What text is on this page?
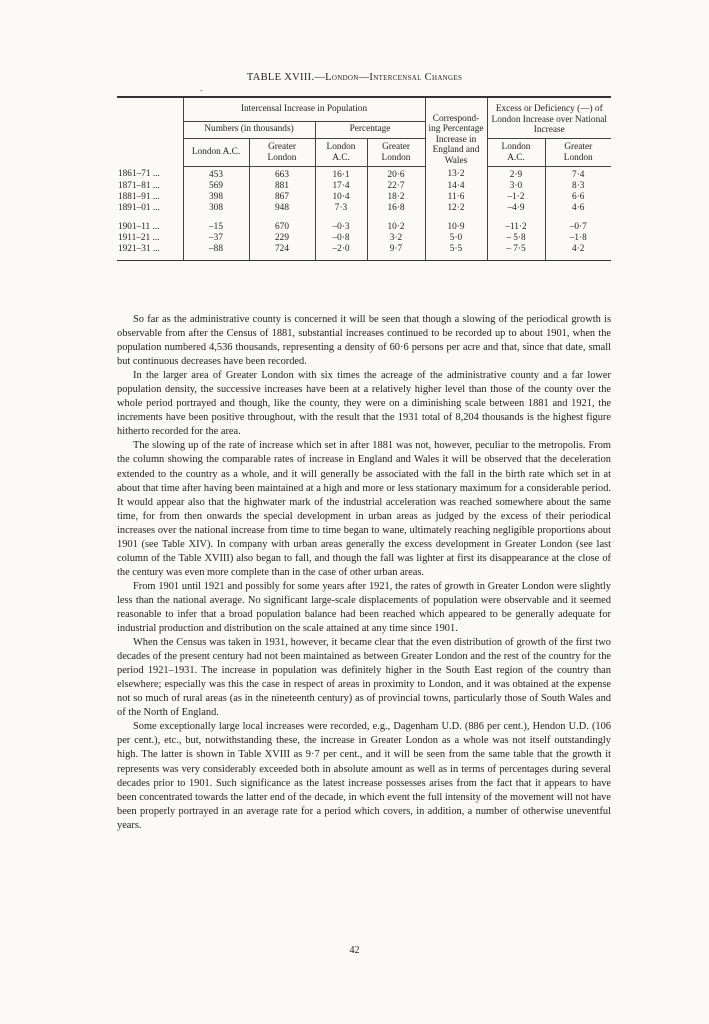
-
TABLE XVIII.—London—Intercensal Changes
	Intercensal Increase in Population				Correspond- ing Percentage Increase in England and Wales	Excess or Deficiency (—) of London Increase over National Increase	
	Numbers (in thousands)		Percentage				
	London A.C.	Greater London	London A.C.	Greater London		London A.C.	Greater London
1861–71 ...	453	663	16·1	20·6	13·2	2·9	7·4
1871–81 ...	569	881	17·4	22·7	14·4	3·0	8·3
1881–91 ...	398	867	10·4	18·2	11·6	–1·2	6·6
1891–01 ...	308	948	7·3	16·8	12·2	–4·9	4·6

1901–11 ...	–15	670	–0·3	10·2	10·9	–11·2	–0·7
1911–21 ...	–37	229	–0·8	3·2	5·0	– 5·8	–1·8
1921–31 ...	–88	724	–2·0	9·7	5·5	– 7·5	4·2

So far as the administrative county is concerned it will be seen that though a slowing of the periodical growth is observable from after the Census of 1881, substantial increases continued to be recorded up to about 1901, when the population numbered 4,536 thousands, representing a density of 60·6 persons per acre and that, since that date, small but continuous decreases have been recorded.

In the larger area of Greater London with six times the acreage of the administrative county and a far lower population density, the successive increases have been at a relatively higher level than those of the county over the whole period portrayed and though, like the county, they were on a diminishing scale between 1881 and 1921, the increments have been positive throughout, with the result that the 1931 total of 8,204 thousands is the highest figure hitherto recorded for the area.

The slowing up of the rate of increase which set in after 1881 was not, however, peculiar to the metropolis. From the column showing the comparable rates of increase in England and Wales it will be observed that the deceleration extended to the country as a whole, and it will generally be associated with the fall in the birth rate which set in at about that time after having been maintained at a high and more or less stationary maximum for a considerable period. It would appear also that the highwater mark of the industrial acceleration was reached somewhere about the same time, for from then onwards the special development in urban areas as judged by the excess of their periodical increases over the national increase from time to time began to wane, ultimately reaching negligible proportions about 1901 (see Table XIV). In company with urban areas generally the excess development in Greater London (see last column of the Table XVIII) also began to fall, and though the fall was lighter at first its disappearance at the close of the century was even more complete than in the case of other urban areas.

From 1901 until 1921 and possibly for some years after 1921, the rates of growth in Greater London were slightly less than the national average. No significant large-scale displacements of population were observable and it seemed reasonable to infer that a broad population balance had been reached which appeared to be generally adequate for industrial production and distribution on the scale attained at any time since 1901.

When the Census was taken in 1931, however, it became clear that the even distribution of growth of the first two decades of the present century had not been maintained as between Greater London and the rest of the country for the period 1921–1931. The increase in population was definitely higher in the South East region of the country than elsewhere; especially was this the case in respect of areas in proximity to London, and it was obtained at the expense not so much of rural areas (as in the nineteenth century) as of provincial towns, particularly those of South Wales and of the North of England.

Some exceptionally large local increases were recorded, e.g., Dagenham U.D. (886 per cent.), Hendon U.D. (106 per cent.), etc., but, notwithstanding these, the increase in Greater London as a whole was not itself outstandingly high. The latter is shown in Table XVIII as 9·7 per cent., and it will be seen from the same table that the growth it represents was very considerably exceeded both in absolute amount as well as in terms of percentages during several decades prior to 1901. Such significance as the latest increase possesses arises from the fact that it appears to have been concentrated towards the latter end of the decade, in which event the full intensity of the movement will not have been properly portrayed in an average rate for a period which covers, in addition, a number of otherwise uneventful years.

42
